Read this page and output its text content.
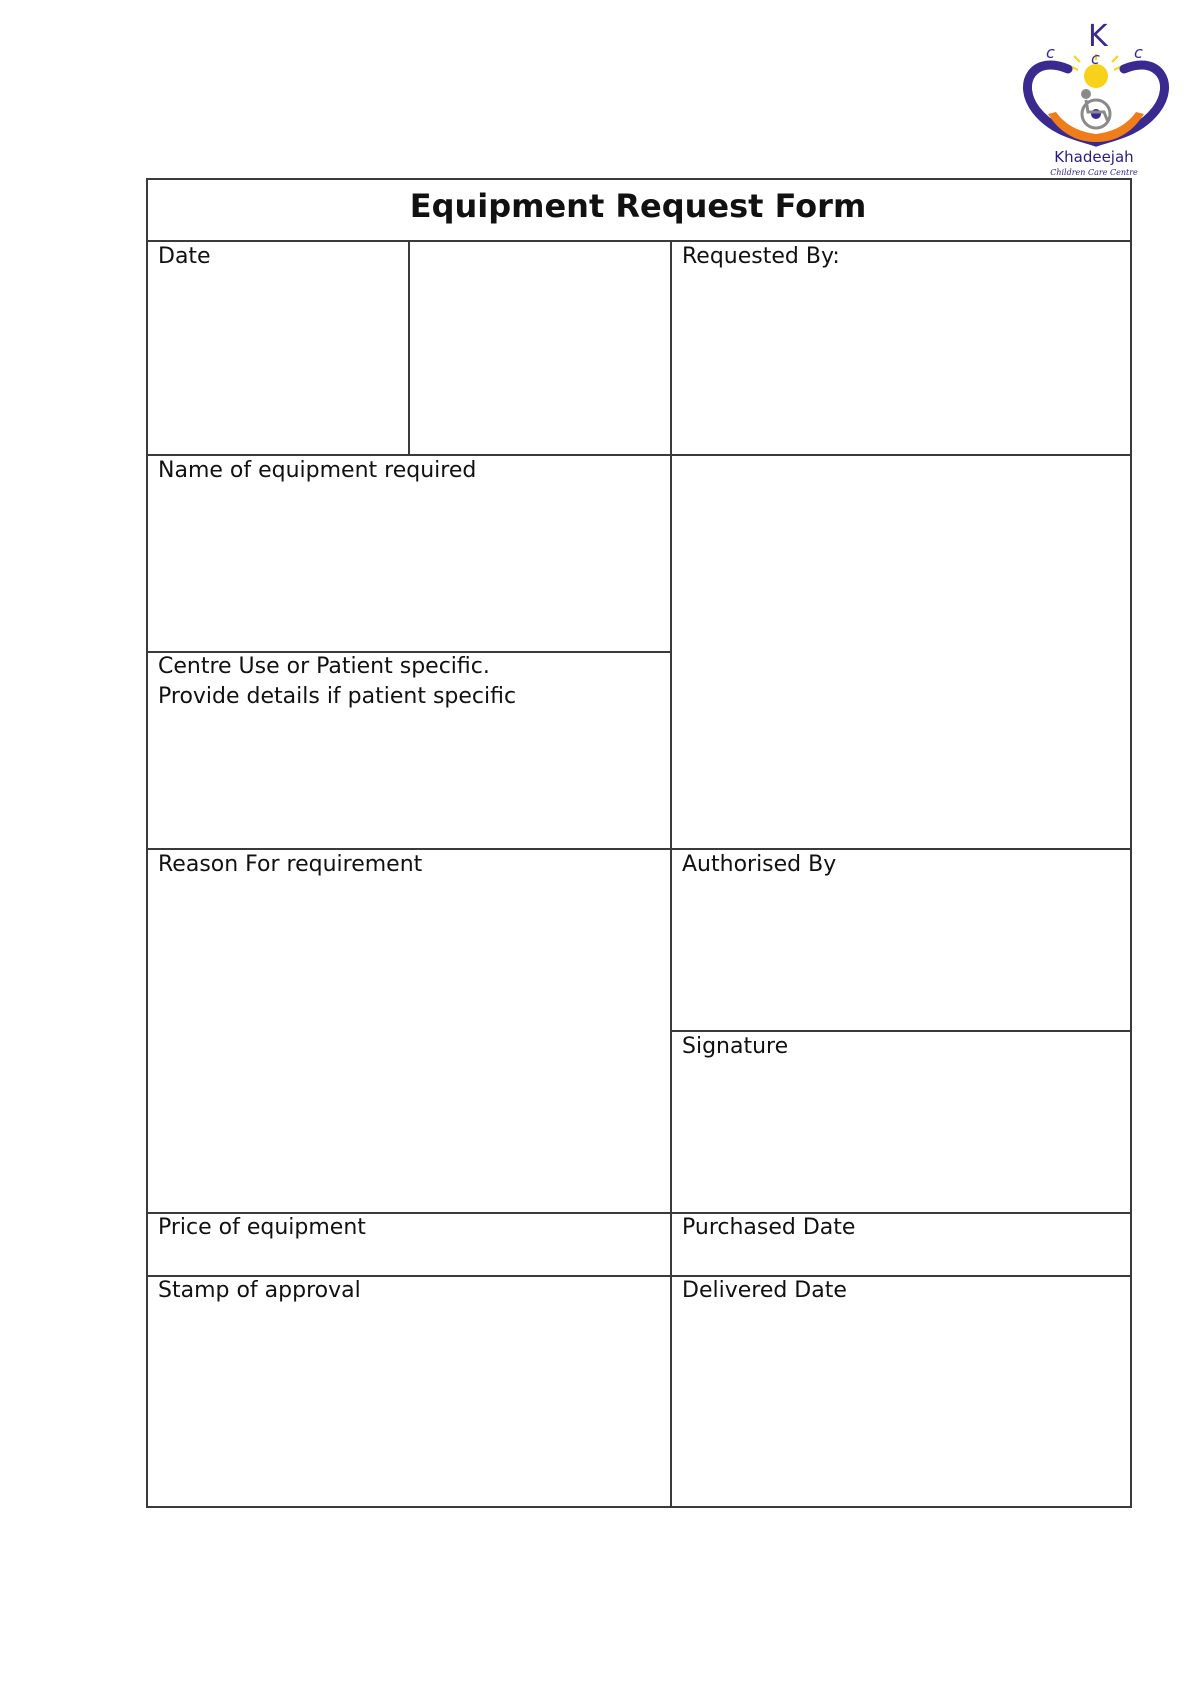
K
c c c
Khadeejah
Children Care Centre
Equipment Request Form
Date	Requested By:
Name of equipment required
Centre Use or Patient specific.
Provide details if patient specific
Reason For requirement	Authorised By
Signature
Price of equipment	Purchased Date
Stamp of approval	Delivered Date
